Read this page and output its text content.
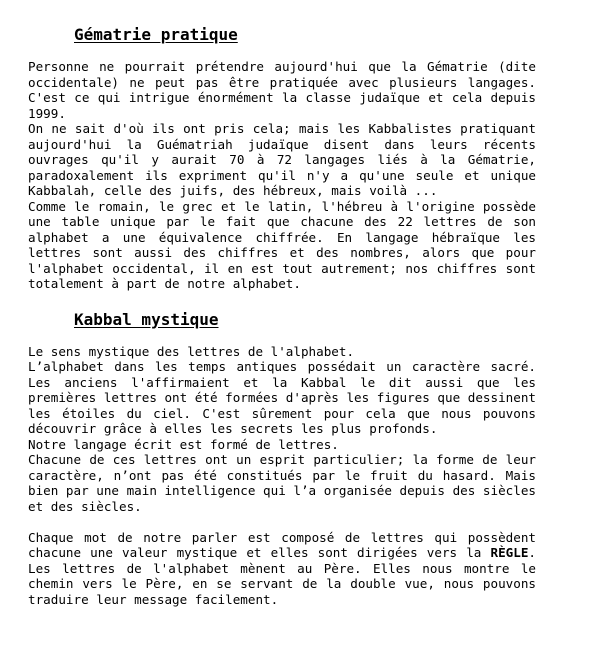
Gématrie pratique

Personne ne pourrait prétendre aujourd'hui que la Gématrie (dite occidentale) ne peut pas être pratiquée avec plusieurs langages. C'est ce qui intrigue énormément la classe judaïque et cela depuis 1999.

On ne sait d'où ils ont pris cela; mais les Kabbalistes pratiquant aujourd'hui la Guématriah judaïque disent dans leurs récents ouvrages qu'il y aurait 70 à 72 langages liés à la Gématrie, paradoxalement ils expriment qu'il n'y a qu'une seule et unique Kabbalah, celle des juifs, des hébreux, mais voilà ...

Comme le romain, le grec et le latin, l'hébreu à l'origine possède une table unique par le fait que chacune des 22 lettres de son alphabet a une équivalence chiffrée. En langage hébraïque les lettres sont aussi des chiffres et des nombres, alors que pour l'alphabet occidental, il en est tout autrement; nos chiffres sont totalement à part de notre alphabet.

Kabbal mystique

Le sens mystique des lettres de l'alphabet.

L’alphabet dans les temps antiques possédait un caractère sacré. Les anciens l'affirmaient et la Kabbal le dit aussi que les premières lettres ont été formées d'après les figures que dessinent les étoiles du ciel. C'est sûrement pour cela que nous pouvons découvrir grâce à elles les secrets les plus profonds.

Notre langage écrit est formé de lettres.

Chacune de ces lettres ont un esprit particulier; la forme de leur caractère, n’ont pas été constitués par le fruit du hasard. Mais bien par une main intelligence qui l’a organisée depuis des siècles et des siècles.

Chaque mot de notre parler est composé de lettres qui possèdent chacune une valeur mystique et elles sont dirigées vers la RÈGLE. Les lettres de l'alphabet mènent au Père. Elles nous montre le chemin vers le Père, en se servant de la double vue, nous pouvons traduire leur message facilement.
